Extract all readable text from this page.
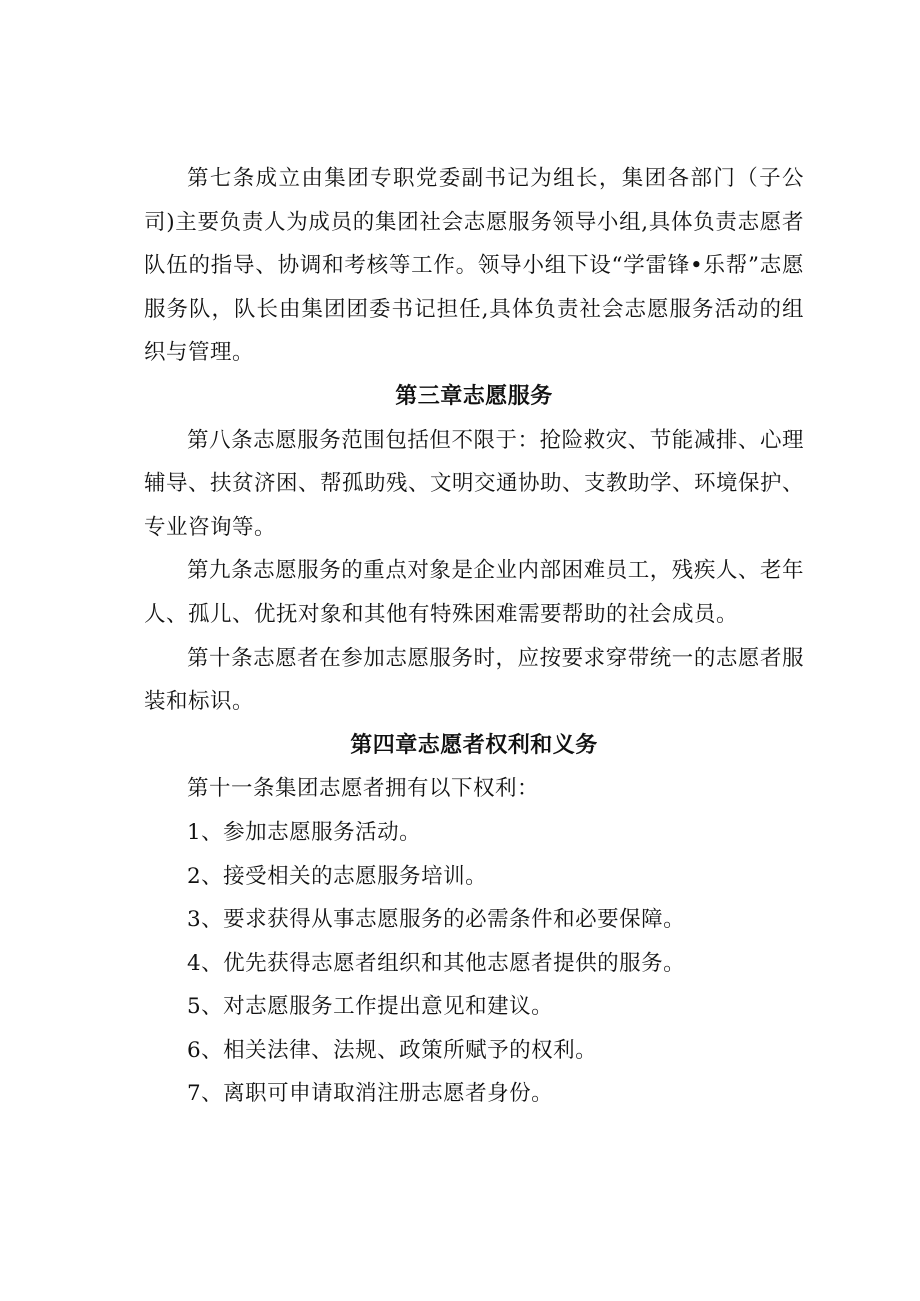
第七条成立由集团专职党委副书记为组长，集团各部门（子公司)主要负责人为成员的集团社会志愿服务领导小组,具体负责志愿者队伍的指导、协调和考核等工作。领导小组下设“学雷锋•乐帮”志愿服务队，队长由集团团委书记担任,具体负责社会志愿服务活动的组织与管理。

第三章志愿服务

第八条志愿服务范围包括但不限于：抢险救灾、节能减排、心理辅导、扶贫济困、帮孤助残、文明交通协助、支教助学、环境保护、专业咨询等。

第九条志愿服务的重点对象是企业内部困难员工，残疾人、老年人、孤儿、优抚对象和其他有特殊困难需要帮助的社会成员。

第十条志愿者在参加志愿服务时，应按要求穿带统一的志愿者服装和标识。

第四章志愿者权利和义务

第十一条集团志愿者拥有以下权利：

1、参加志愿服务活动。

2、接受相关的志愿服务培训。

3、要求获得从事志愿服务的必需条件和必要保障。

4、优先获得志愿者组织和其他志愿者提供的服务。

5、对志愿服务工作提出意见和建议。

6、相关法律、法规、政策所赋予的权利。

7、离职可申请取消注册志愿者身份。
